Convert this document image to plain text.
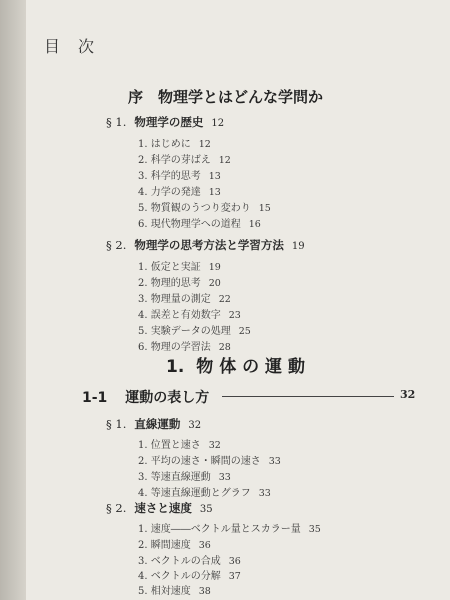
目　次
序　物理学とはどんな学問か
§ 1. 物理学の歴史 12
1. はじめに 12
2. 科学の芽ばえ 12
3. 科学的思考 13
4. 力学の発達 13
5. 物質観のうつり変わり 15
6. 現代物理学への道程 16
§ 2. 物理学の思考方法と学習方法 19
1. 仮定と実証 19
2. 物理的思考 20
3. 物理量の測定 22
4. 誤差と有効数字 23
5. 実験データの処理 25
6. 物理の学習法 28
1. 物 体 の 運 動
1-1 運動の表し方	32
§ 1. 直線運動 32
1. 位置と速さ 32
2. 平均の速さ・瞬間の速さ 33
3. 等速直線運動 33
4. 等速直線運動とグラフ 33
§ 2. 速さと速度 35
1. 速度――ベクトル量とスカラー量 35
2. 瞬間速度 36
3. ベクトルの合成 36
4. ベクトルの分解 37
5. 相対速度 38
